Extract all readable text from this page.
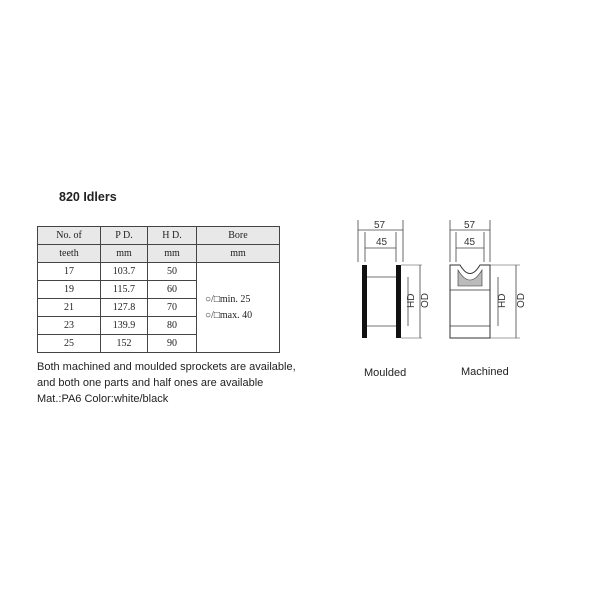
820 Idlers
No. of	P D.	H D.	Bore
teeth	mm	mm	mm
17	103.7	50	○/□min. 25
○/□max. 40

19	115.7	60	
21	127.8	70	
23	139.9	80	
25	152	90	
Both machined and moulded sprockets are available,
and both one parts and half ones are available
Mat.:PA6 Color:white/black
57
45
HD OD
57
45
HD OD
Moulded	Machined
